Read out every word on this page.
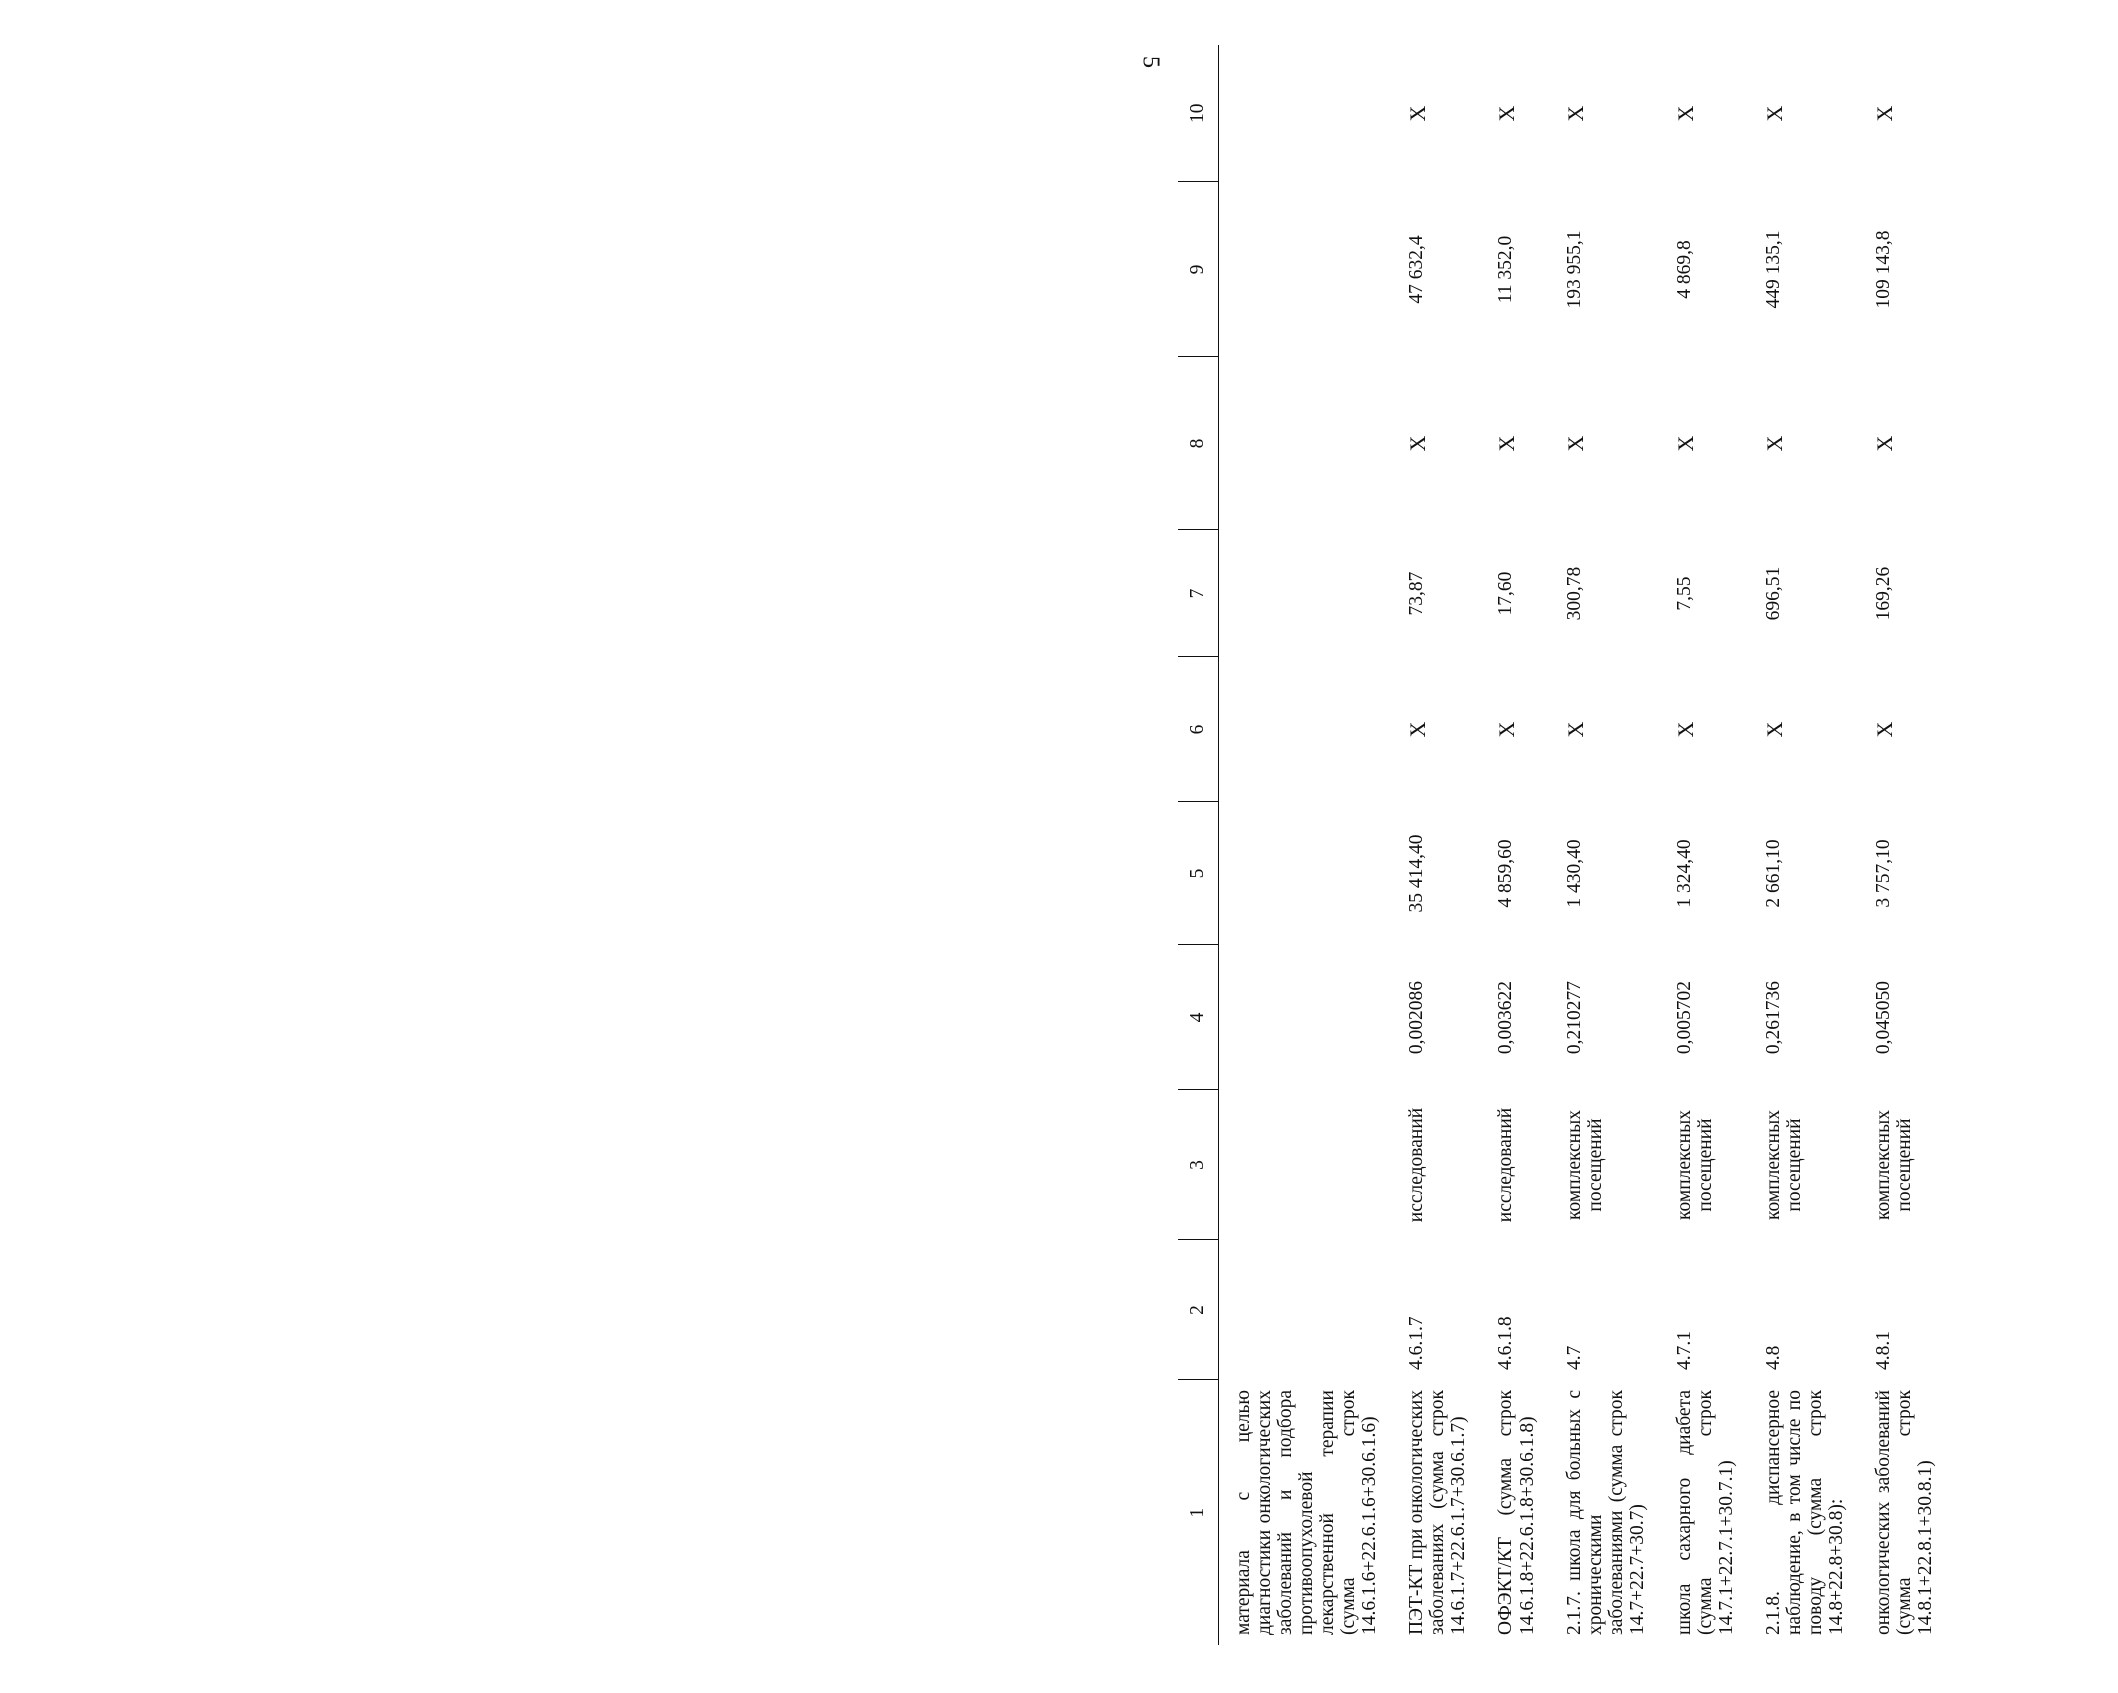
5
1	2	3	4	5	6	7	8	9	10
материала с целью диагностики онкологических заболеваний и подбора противоопухолевой лекарственной терапии (сумма строк 14.6.1.6+22.6.1.6+30.6.1.6)									
ПЭТ-КТ при онкологических заболеваниях (сумма строк 14.6.1.7+22.6.1.7+30.6.1.7)	4.6.1.7	исследований	0,002086	35 414,40	Х	73,87	Х	47 632,4	Х
ОФЭКТ/КТ (сумма строк 14.6.1.8+22.6.1.8+30.6.1.8)	4.6.1.8	исследований	0,003622	4 859,60	Х	17,60	Х	11 352,0	Х
2.1.7. школа для больных с хроническими заболеваниями (сумма строк 14.7+22.7+30.7)	4.7	комплексных посещений	0,210277	1 430,40	Х	300,78	Х	193 955,1	Х
школа сахарного диабета (сумма строк 14.7.1+22.7.1+30.7.1)	4.7.1	комплексных посещений	0,005702	1 324,40	Х	7,55	Х	4 869,8	Х
2.1.8. диспансерное наблюдение, в том числе по поводу (сумма строк 14.8+22.8+30.8):	4.8	комплексных посещений	0,261736	2 661,10	Х	696,51	Х	449 135,1	Х
онкологических заболеваний (сумма строк 14.8.1+22.8.1+30.8.1)	4.8.1	комплексных посещений	0,045050	3 757,10	Х	169,26	Х	109 143,8	Х
